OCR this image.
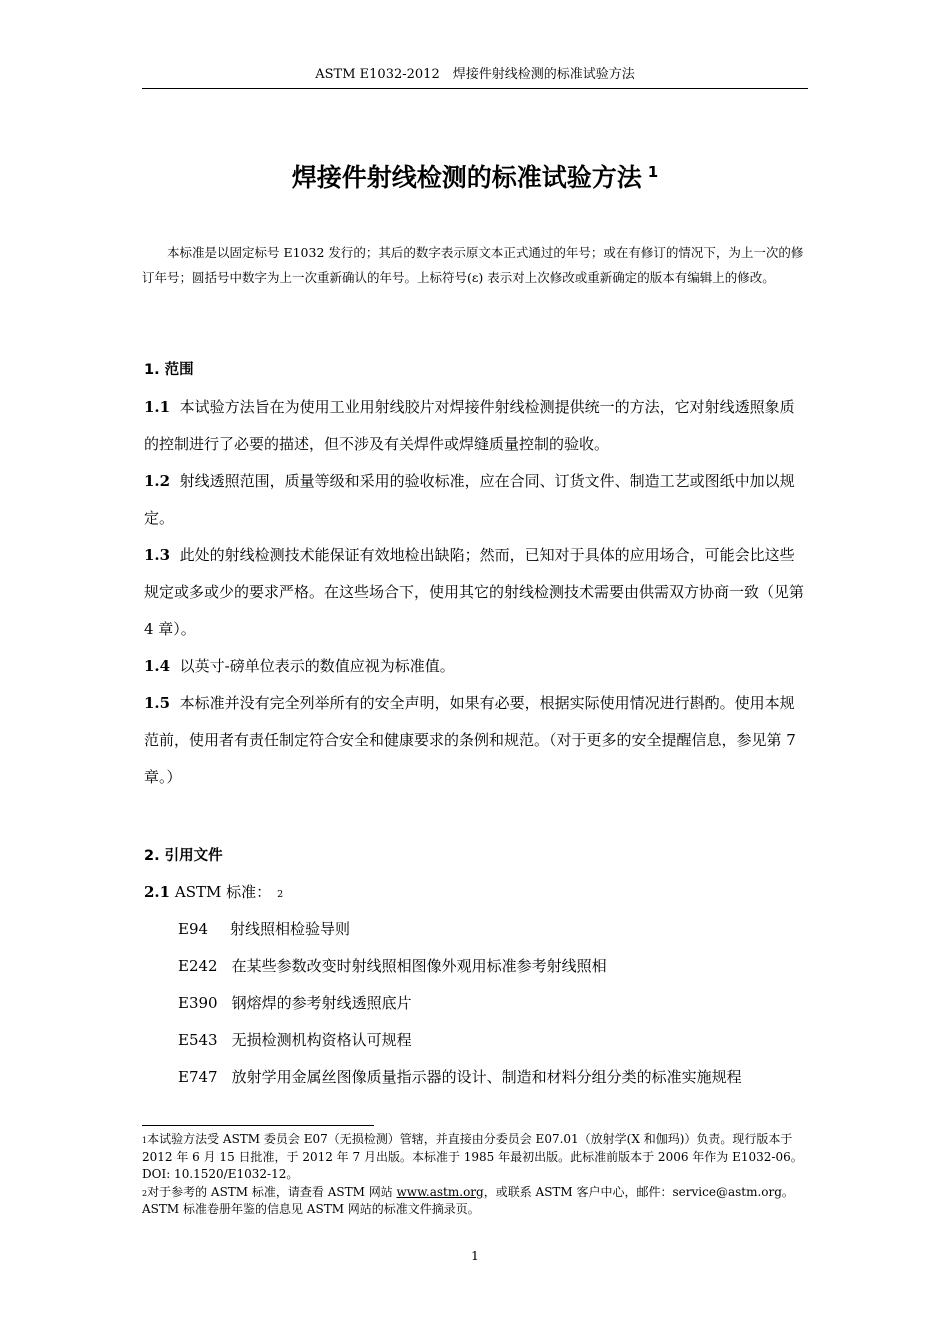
ASTM E1032-2012　焊接件射线检测的标准试验方法
焊接件射线检测的标准试验方法 $^1$

本标准是以固定标号 E1032 发行的；其后的数字表示原文本正式通过的年号；或在有修订的情况下，为上一次的修订年号；圆括号中数字为上一次重新确认的年号。上标符号(ε) 表示对上次修改或重新确定的版本有编辑上的修改。

1. 范围

1.1 本试验方法旨在为使用工业用射线胶片对焊接件射线检测提供统一的方法，它对射线透照象质的控制进行了必要的描述，但不涉及有关焊件或焊缝质量控制的验收。

1.2 射线透照范围，质量等级和采用的验收标准，应在合同、订货文件、制造工艺或图纸中加以规定。

1.3 此处的射线检测技术能保证有效地检出缺陷；然而，已知对于具体的应用场合，可能会比这些规定或多或少的要求严格。在这些场合下，使用其它的射线检测技术需要由供需双方协商一致（见第 4 章）。

1.4 以英寸-磅单位表示的数值应视为标准值。

1.5 本标准并没有完全列举所有的安全声明，如果有必要，根据实际使用情况进行斟酌。使用本规范前，使用者有责任制定符合安全和健康要求的条例和规范。（对于更多的安全提醒信息，参见第 7 章。）

2. 引用文件

2.1 ASTM 标准： $^2$

E94 射线照相检验导则
E242 在某些参数改变时射线照相图像外观用标准参考射线照相
E390 钢熔焊的参考射线透照底片
E543 无损检测机构资格认可规程
E747 放射学用金属丝图像质量指示器的设计、制造和材料分组分类的标准实施规程

$^1$本试验方法受 ASTM 委员会 E07（无损检测）管辖，并直接由分委员会 E07.01（放射学(X 和伽玛)）负责。现行版本于 2012 年 6 月 15 日批准，于 2012 年 7 月出版。本标准于 1985 年最初出版。此标准前版本于 2006 年作为 E1032-06。 DOI: 10.1520/E1032-12。

$^2$对于参考的 ASTM 标准，请查看 ASTM 网站 www.astm.org，或联系 ASTM 客户中心，邮件：service@astm.org。ASTM 标准卷册年鉴的信息见 ASTM 网站的标准文件摘录页。

1
